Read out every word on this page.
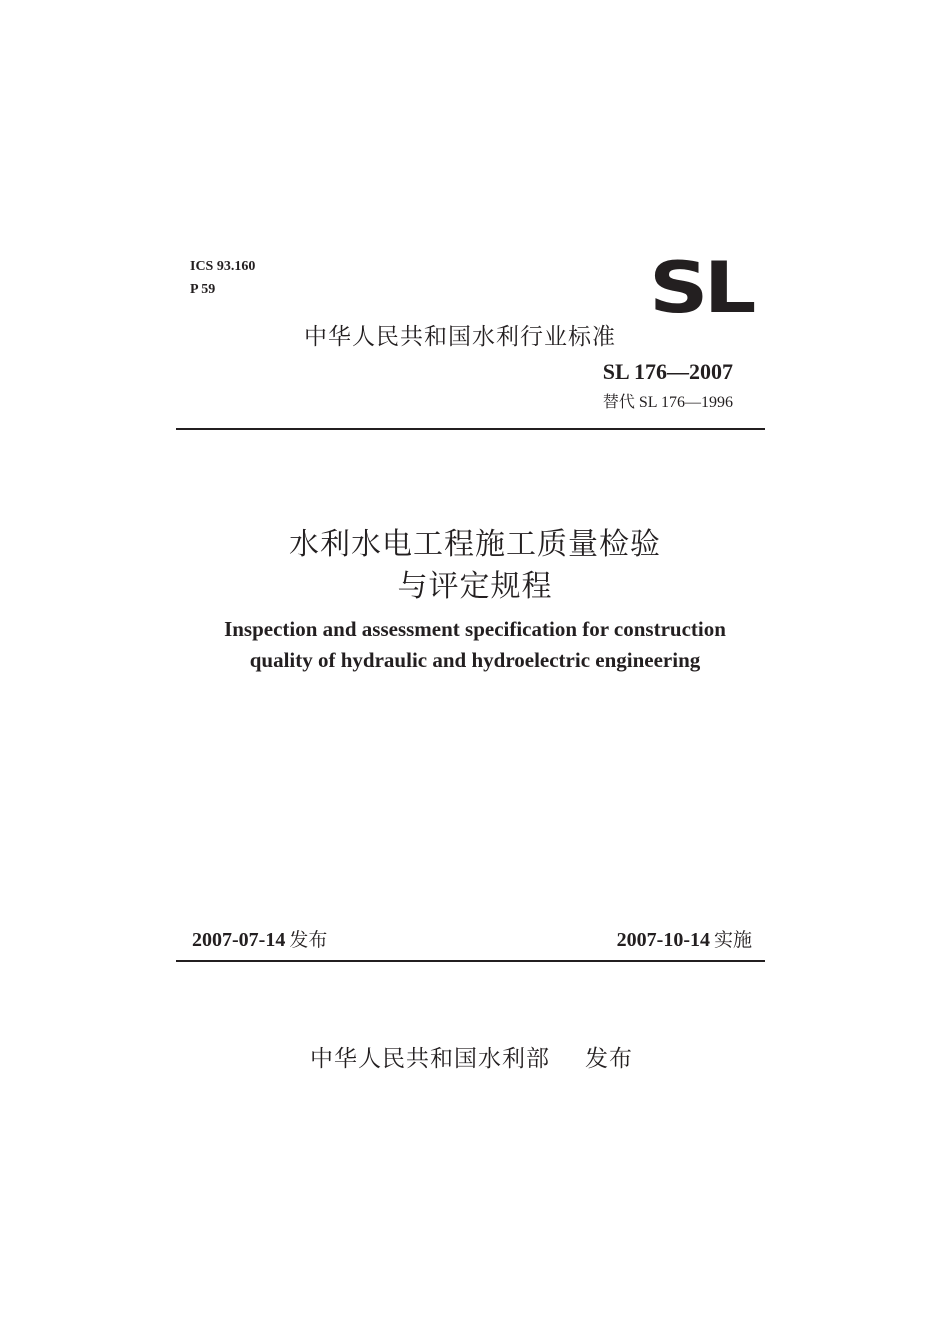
ICS 93.160
P 59	SL
中华人民共和国水利行业标准
SL 176—2007
替代 SL 176—1996
水利水电工程施工质量检验
与评定规程
Inspection and assessment specification for construction
quality of hydraulic and hydroelectric engineering
2007-07-14 发布	2007-10-14 实施
中华人民共和国水利部 发布
